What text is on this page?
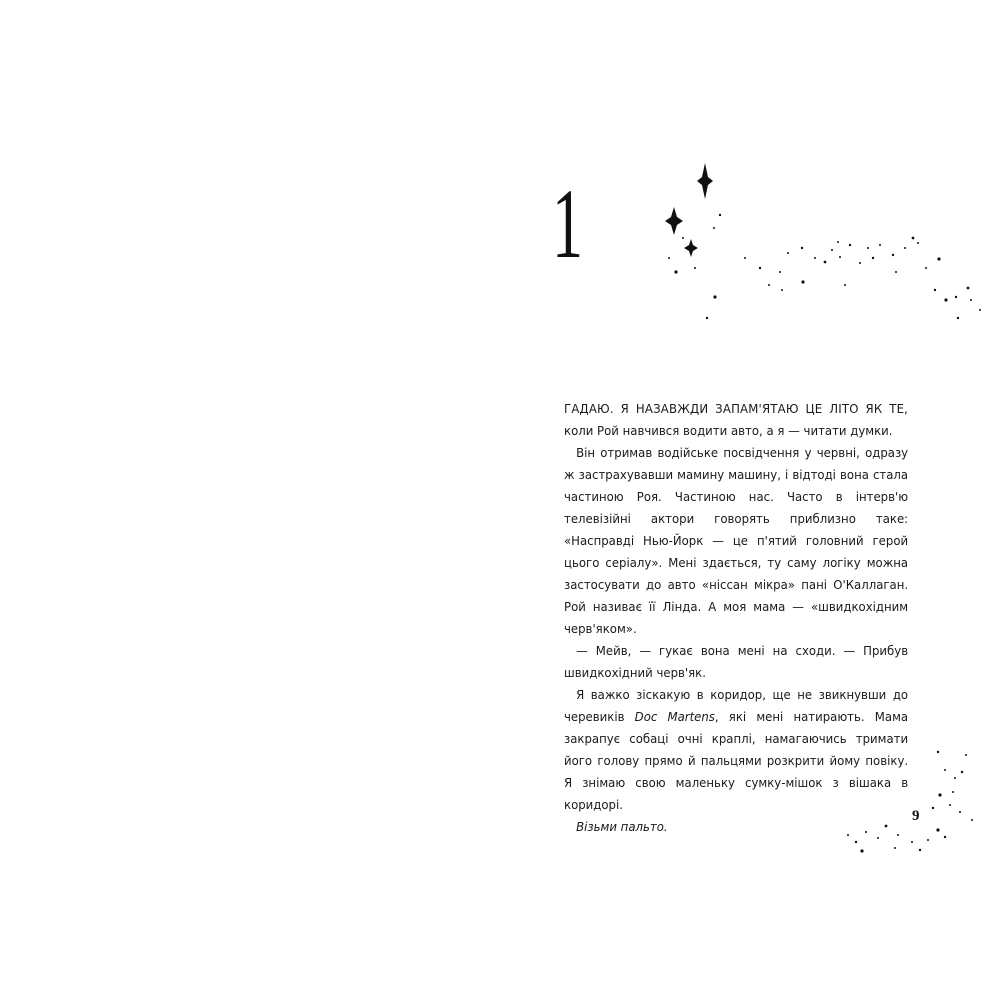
1

ГАДАЮ. Я НАЗАВЖДИ ЗАПАМ'ЯТАЮ ЦЕ ЛІТО ЯК ТЕ, коли Рой навчився водити авто, а я — читати думки.

Він отримав водійське посвідчення у червні, одразу ж застрахувавши мамину машину, і відтоді вона стала частиною Роя. Частиною нас. Часто в інтерв'ю телевізійні актори говорять приблизно таке: «Насправді Нью-Йорк — це п'ятий головний герой цього серіалу». Мені здається, ту саму логіку можна застосувати до авто «ніссан мікра» пані О'Каллаган. Рой називає її Лінда. А моя мама — «швидкохідним черв'яком».

— Мейв, — гукає вона мені на сходи. — Прибув швидкохідний черв'як.

Я важко зіскакую в коридор, ще не звикнувши до черевиків Doc Martens, які мені натирають. Мама закрапує собаці очні краплі, намагаючись тримати його голову прямо й пальцями розкрити йому повіку. Я знімаю свою маленьку сумку-мішок з вішака в коридорі.

Візьми пальто.

9
